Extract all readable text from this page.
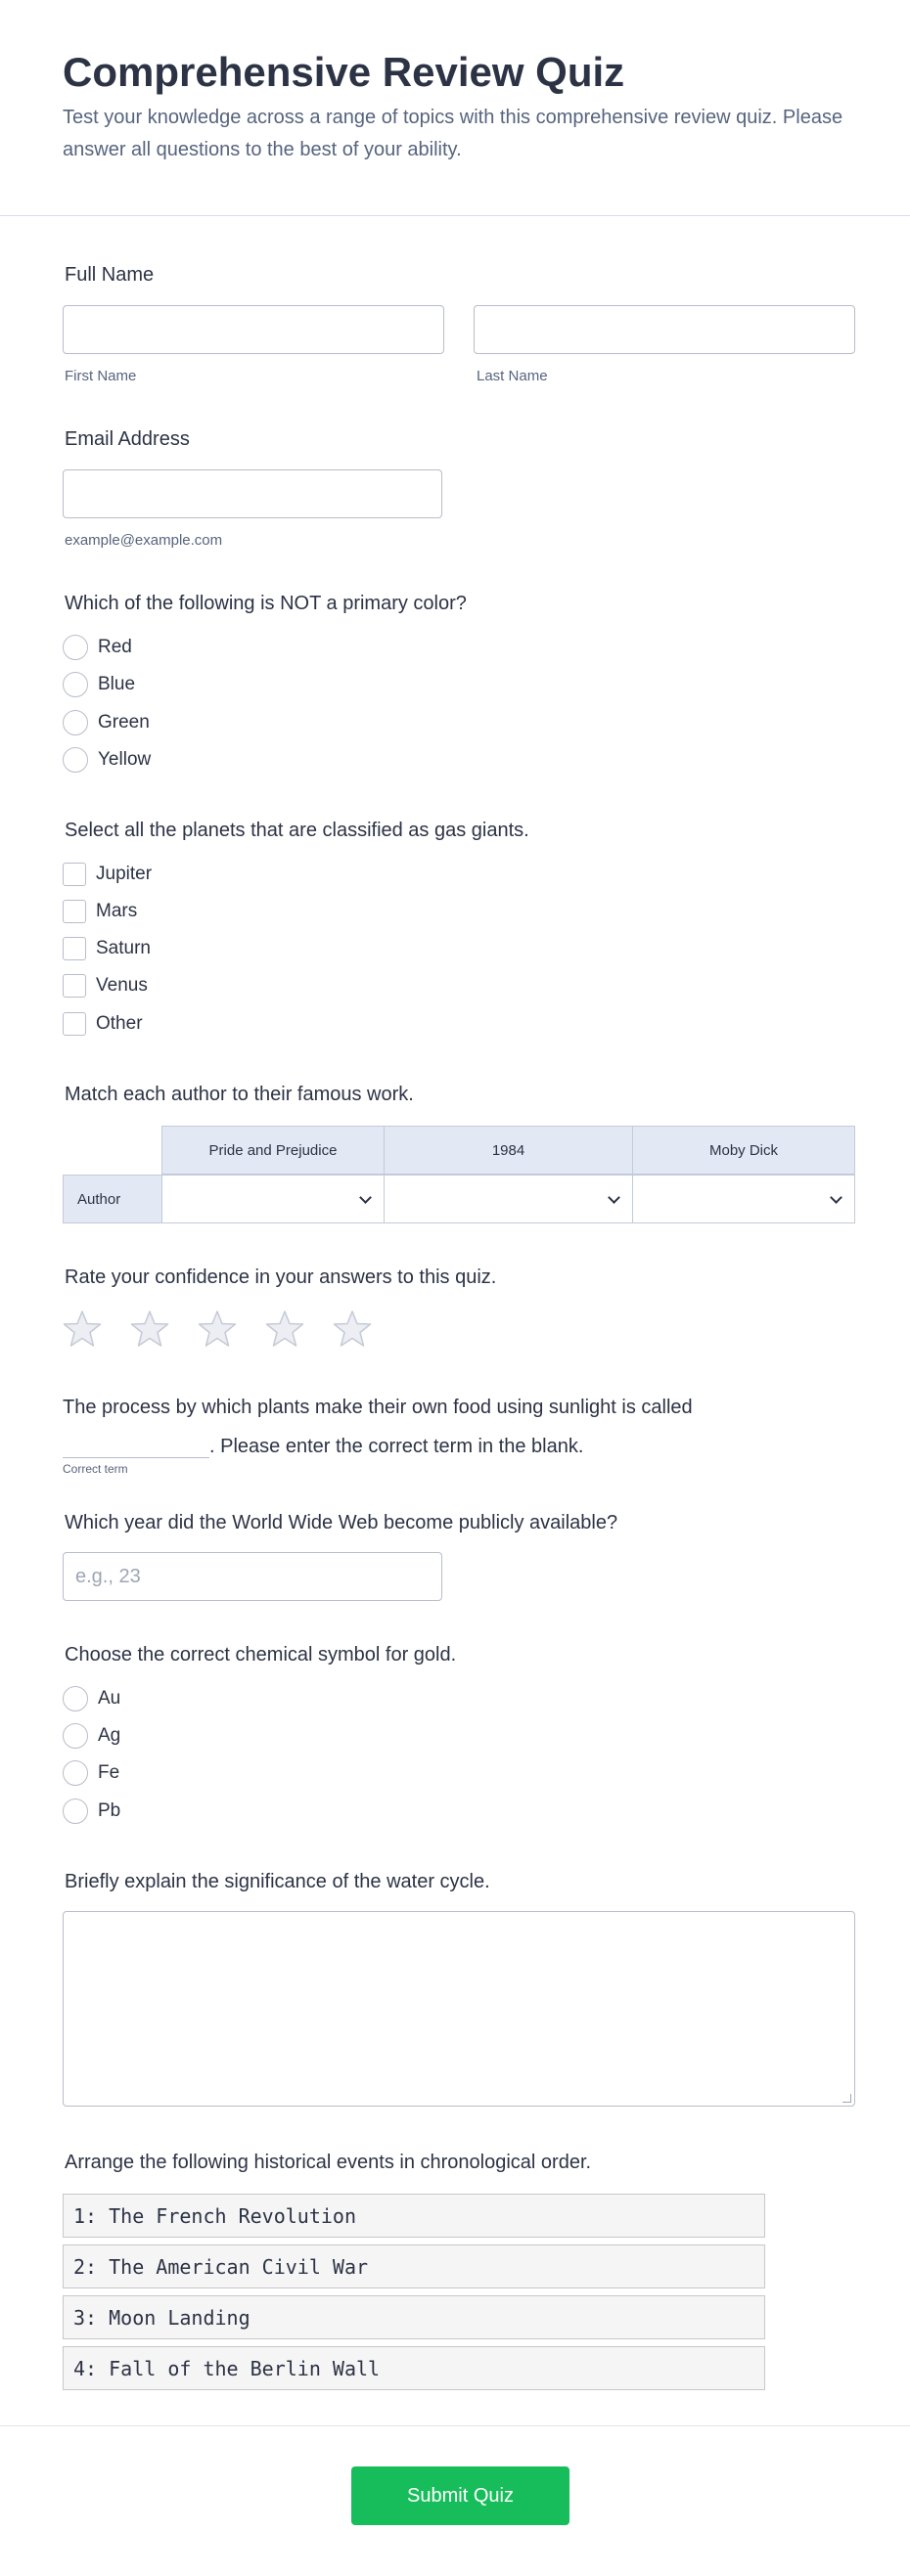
Comprehensive Review Quiz

Test your knowledge across a range of topics with this comprehensive review quiz. Please answer all questions to the best of your ability.

Full Name
First Name	Last Name
Email Address
example@example.com
Which of the following is NOT a primary color?
Red
Blue
Green
Yellow
Select all the planets that are classified as gas giants.
Jupiter
Mars
Saturn
Venus
Other
Match each author to their famous work.
Pride and Prejudice	1984	Moby Dick
Author
Rate your confidence in your answers to this quiz.
The process by which plants make their own food using sunlight is called
. Please enter the correct term in the blank.
Correct term
Which year did the World Wide Web become publicly available?
e.g., 23
Choose the correct chemical symbol for gold.
Au
Ag
Fe
Pb
Briefly explain the significance of the water cycle.
Arrange the following historical events in chronological order.
1: The French Revolution
2: The American Civil War
3: Moon Landing
4: Fall of the Berlin Wall
Submit Quiz
